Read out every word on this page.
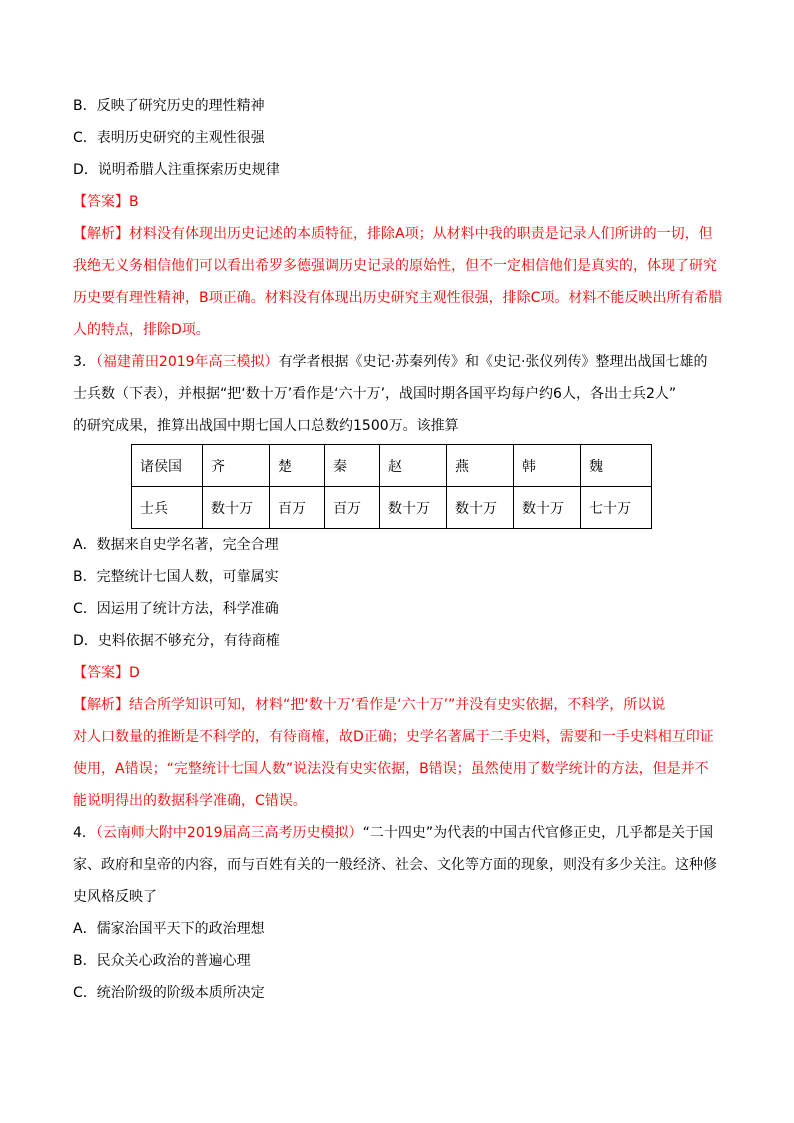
B．反映了研究历史的理性精神
C．表明历史研究的主观性很强
D．说明希腊人注重探索历史规律
【答案】B
【解析】材料没有体现出历史记述的本质特征，排除A项；从材料中我的职责是记录人们所讲的一切，但
我绝无义务相信他们可以看出希罗多德强调历史记录的原始性，但不一定相信他们是真实的，体现了研究
历史要有理性精神，B项正确。材料没有体现出历史研究主观性很强，排除C项。材料不能反映出所有希腊
人的特点，排除D项。
3．（福建莆田2019年高三模拟）有学者根据《史记·苏秦列传》和《史记·张仪列传》整理出战国七雄的
士兵数（下表），并根据“把‘数十万’看作是‘六十万’，战国时期各国平均每户约6人，各出士兵2人”
的研究成果，推算出战国中期七国人口总数约1500万。该推算
诸侯国	齐	楚	秦	赵	燕	韩	魏
士兵	数十万	百万	百万	数十万	数十万	数十万	七十万
A．数据来自史学名著，完全合理
B．完整统计七国人数，可靠属实
C．因运用了统计方法，科学准确
D．史料依据不够充分，有待商榷
【答案】D
【解析】结合所学知识可知，材料“把‘数十万’看作是‘六十万’”并没有史实依据，不科学，所以说
对人口数量的推断是不科学的，有待商榷，故D正确；史学名著属于二手史料，需要和一手史料相互印证
使用，A错误；“完整统计七国人数”说法没有史实依据，B错误；虽然使用了数学统计的方法，但是并不
能说明得出的数据科学准确，C错误。
4．（云南师大附中2019届高三高考历史模拟）“二十四史”为代表的中国古代官修正史，几乎都是关于国
家、政府和皇帝的内容，而与百姓有关的一般经济、社会、文化等方面的现象，则没有多少关注。这种修
史风格反映了
A．儒家治国平天下的政治理想
B．民众关心政治的普遍心理
C．统治阶级的阶级本质所决定
